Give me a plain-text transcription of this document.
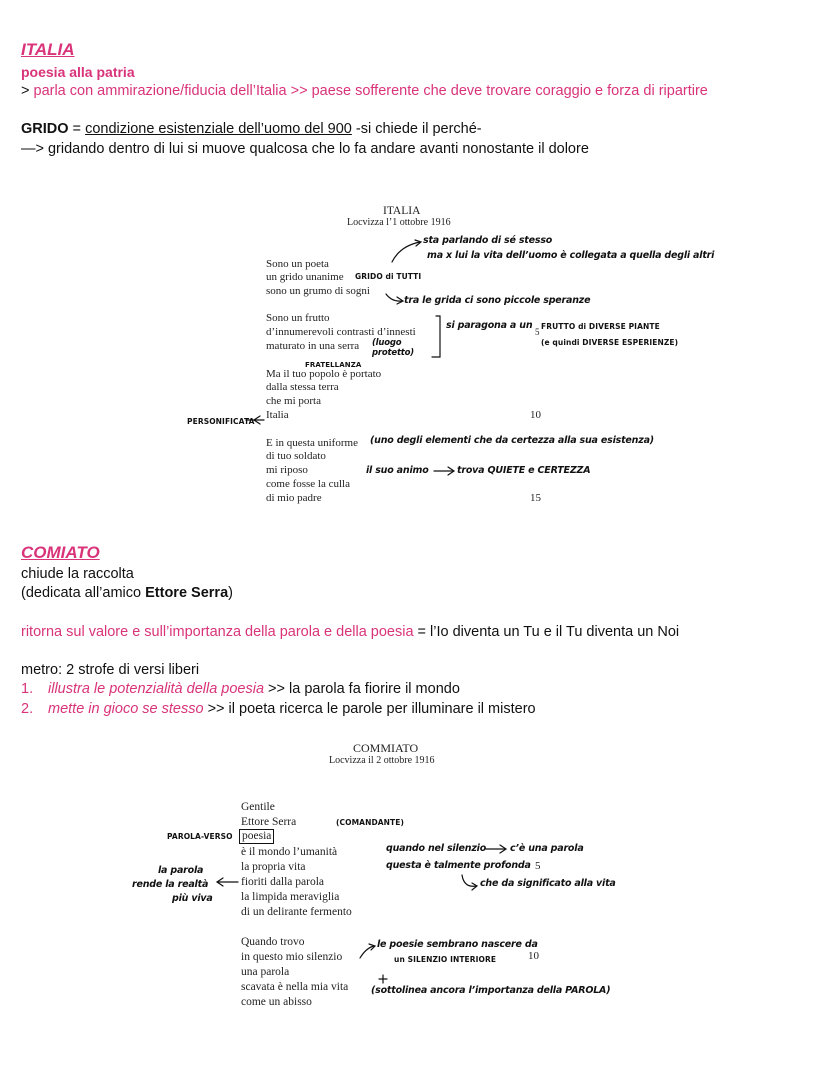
ITALIA
poesia alla patria
> parla con ammirazione/fiducia dell’Italia >> paese sofferente che deve trovare coraggio e forza di ripartire
GRIDO = condizione esistenziale dell’uomo del 900 -si chiede il perché-
—> gridando dentro di lui si muove qualcosa che lo fa andare avanti nonostante il dolore
ITALIA
Locvizza l’1 ottobre 1916
Sono un poeta
un grido unanime
sono un grumo di sogni
Sono un frutto
d’innumerevoli contrasti d’innesti
maturato in una serra
Ma il tuo popolo è portato
dalla stessa terra
che mi porta
Italia
E in questa uniforme
di tuo soldato
mi riposo
come fosse la culla
di mio padre
5
10
15
sta parlando di sé stesso
ma x lui la vita dell’uomo è collegata a quella degli altri
GRIDO di TUTTI
tra le grida ci sono piccole speranze
si paragona a un FRUTTO di DIVERSE PIANTE
(e quindi DIVERSE ESPERIENZE)
(luogo protetto)
FRATELLANZA
PERSONIFICATA
(uno degli elementi che da certezza alla sua esistenza)
il suo animo	trova QUIETE e CERTEZZA
COMIATO
chiude la raccolta
(dedicata all’amico Ettore Serra)
ritorna sul valore e sull’importanza della parola e della poesia = l’Io diventa un Tu e il Tu diventa un Noi
metro: 2 strofe di versi liberi
1. illustra le potenzialità della poesia >> la parola fa fiorire il mondo
2. mette in gioco se stesso >> il poeta ricerca le parole per illuminare il mistero
COMMIATO
Locvizza il 2 ottobre 1916
Gentile
Ettore Serra
poesia
è il mondo l’umanità
la propria vita
fioriti dalla parola
la limpida meraviglia
di un delirante fermento
Quando trovo
in questo mio silenzio
una parola
scavata è nella mia vita
come un abisso
5
10
(COMANDANTE)
PAROLA-VERSO
la parola
rende la realtà
più viva
quando nel silenzio	c’è una parola
questa è talmente profonda
che da significato alla vita
le poesie sembrano nascere da
un SILENZIO INTERIORE
(sottolinea ancora l’importanza della PAROLA)
